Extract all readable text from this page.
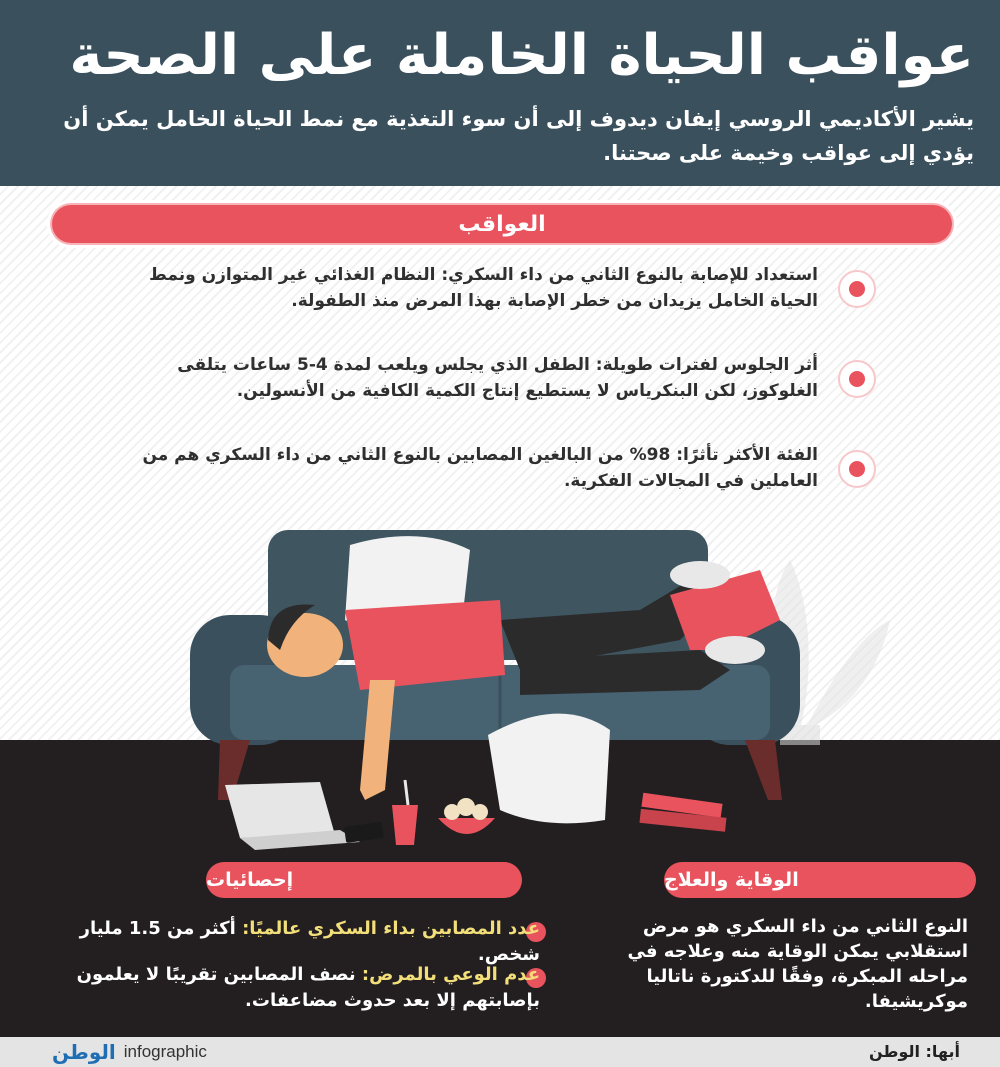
عواقب الحياة الخاملة على الصحة
يشير الأكاديمي الروسي إيفان ديدوف إلى أن سوء التغذية مع نمط الحياة الخامل يمكن أن يؤدي إلى عواقب وخيمة على صحتنا.
العواقب
استعداد للإصابة بالنوع الثاني من داء السكري: النظام الغذائي غير المتوازن ونمط الحياة الخامل يزيدان من خطر الإصابة بهذا المرض منذ الطفولة.
أثر الجلوس لفترات طويلة: الطفل الذي يجلس ويلعب لمدة 4-5 ساعات يتلقى الغلوكوز، لكن البنكرياس لا يستطيع إنتاج الكمية الكافية من الأنسولين.
الفئة الأكثر تأثرًا: 98% من البالغين المصابين بالنوع الثاني من داء السكري هم من العاملين في المجالات الفكرية.
إحصائيات	الوقاية والعلاج
النوع الثاني من داء السكري هو مرض استقلابي يمكن الوقاية منه وعلاجه في مراحله المبكرة، وفقًا للدكتورة ناتاليا موكريشيفا.
عدد المصابين بداء السكري عالميًا: أكثر من 1.5 مليار شخص.
عدم الوعي بالمرض: نصف المصابين تقريبًا لا يعلمون بإصابتهم إلا بعد حدوث مضاعفات.
الوطن infographic	أبها: الوطن
